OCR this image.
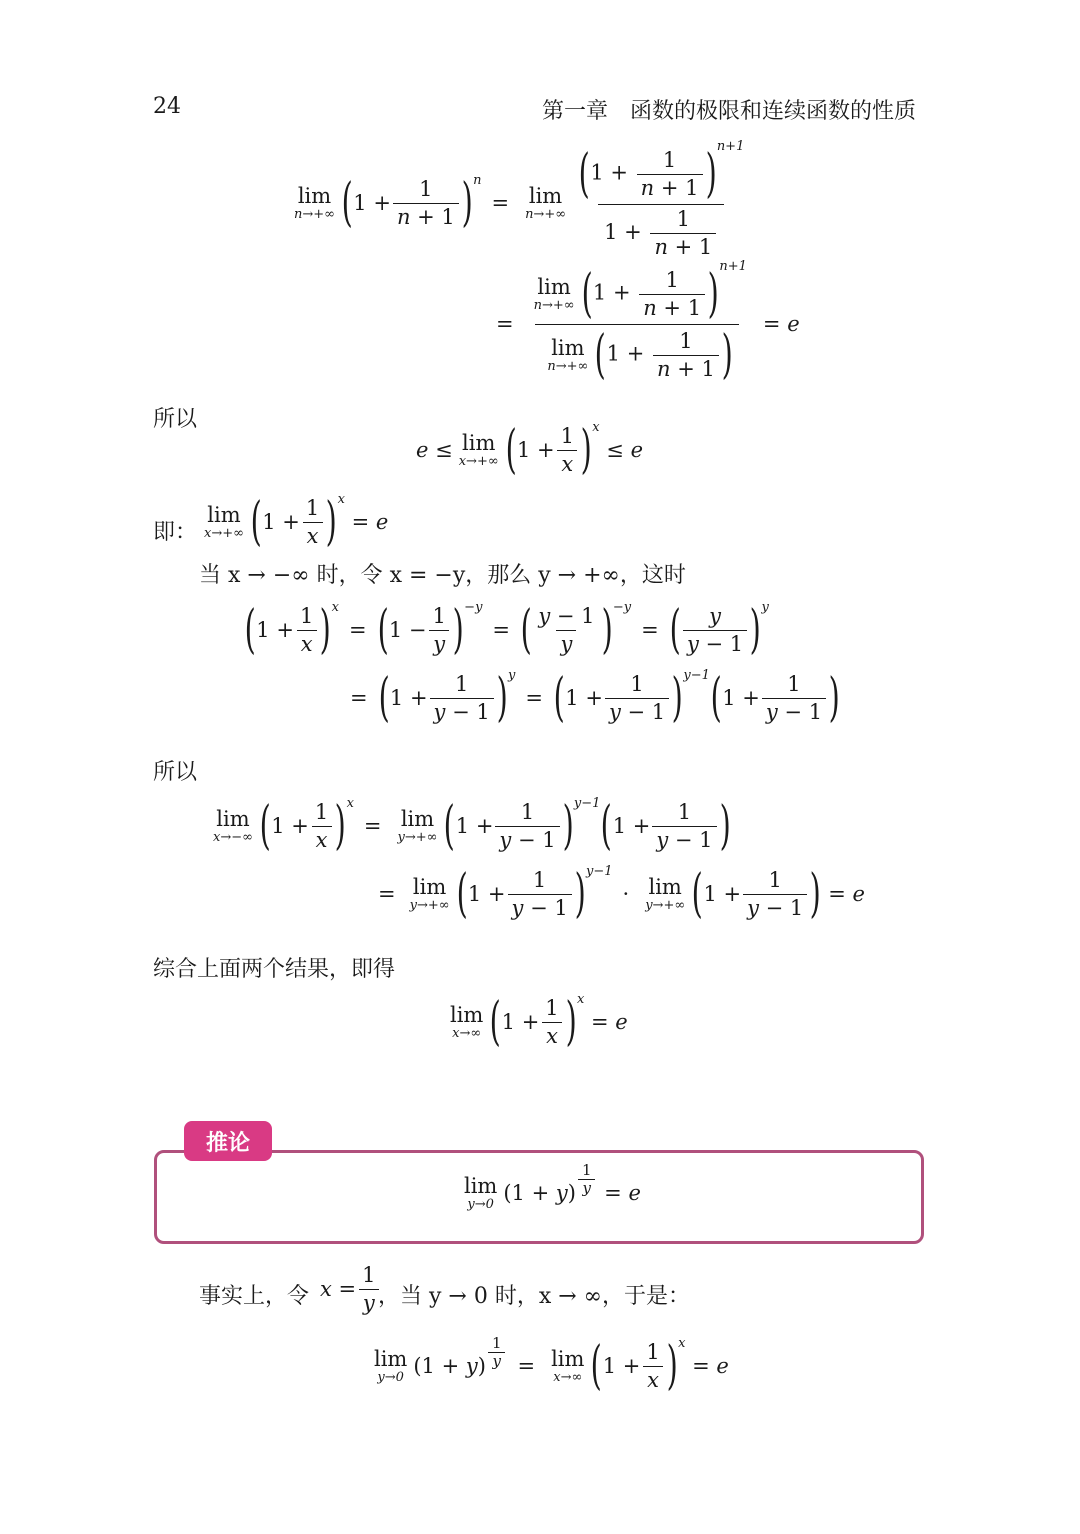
24	第一章　函数的极限和连续函数的性质
lim
n→+∞ ( $1 + \frac{1}{n + 1} )^n$
= lim
n→+∞
$(1 + \frac{1}{n + 1} )^{n+1}$
$1 + \frac{1}{n + 1}$
= lim
n→+∞ $(1 + \frac{1}{n + 1} )^{n+1}$
lim
n→+∞ ($1 + \frac{1}{n + 1}$ ) = e
所以
e ≤ lim
x→+∞ ( $1 + \frac{1}{x} )^x$
≤ e
即：
lim
x→+∞ ( $1 + \frac{1}{x} )^x$
= e
当 x → −∞ 时，令 x = −y，那么 y → +∞，这时
( $1 + \frac{1}{x} )^x$
= ( $1 - \frac{1}{y} )^{-y}$
= ( $\frac{y - 1}{y} )^{-y}$
= ( $\frac{y}{y - 1} )^y$
= ( $1 + \frac{1}{y - 1} )^y$
= ( $1 + \frac{1}{y - 1} )^{y-1}$ ( $1 + \frac{1}{y - 1}$ )
所以
lim
x→−∞ ( $1 + \frac{1}{x} )^x$
= lim
y→+∞ ( $1 + \frac{1}{y - 1} )^{y-1}$ ( $1 + \frac{1}{y - 1}$ )
= lim
y→+∞ ( $1 + \frac{1}{y - 1} )^{y-1}$
· lim
y→+∞ ( $1 + \frac{1}{y - 1}$ ) = e
综合上面两个结果，即得
lim
x→∞ ( $1 + \frac{1}{x} )^x$
= e
推论
lim
y→0 (1 + y ) $\frac{1}{y} = e$
事实上，令 $x = \frac{1}{y}$
，当 y → 0 时，x → ∞，于是：
lim
y→0 (1 + y ) $\frac{1}{y} = \lim$
x→∞ ( $1 + \frac{1}{x} )^x$
= e
